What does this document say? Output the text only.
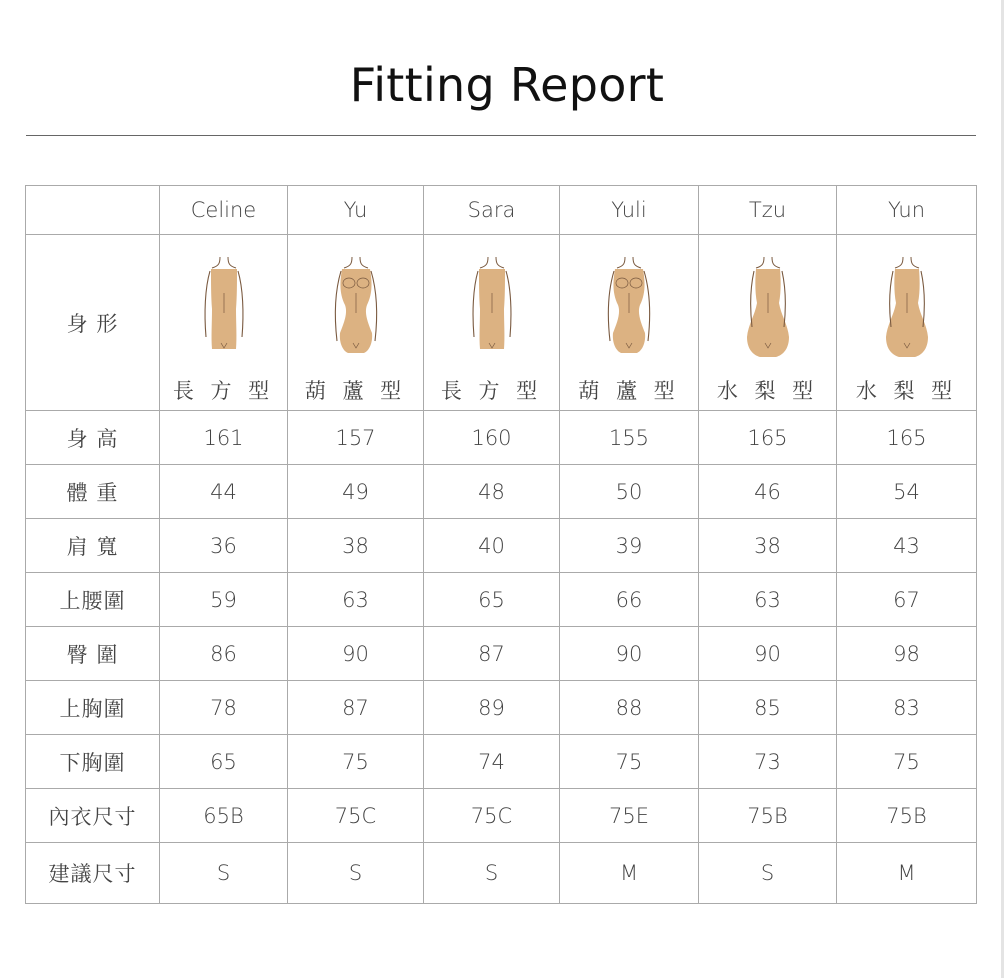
Fitting Report
	Celine	Yu	Sara	Yuli	Tzu	Yun
身 形	長 方 型	葫 蘆 型	長 方 型	葫 蘆 型	水 梨 型	水 梨 型

身 高	161	157	160	155	165	165
體 重	44	49	48	50	46	54
肩 寬	36	38	40	39	38	43
上腰圍	59	63	65	66	63	67
臀 圍	86	90	87	90	90	98
上胸圍	78	87	89	88	85	83
下胸圍	65	75	74	75	73	75
內衣尺寸	65B	75C	75C	75E	75B	75B
建議尺寸	S	S	S	M	S	M
